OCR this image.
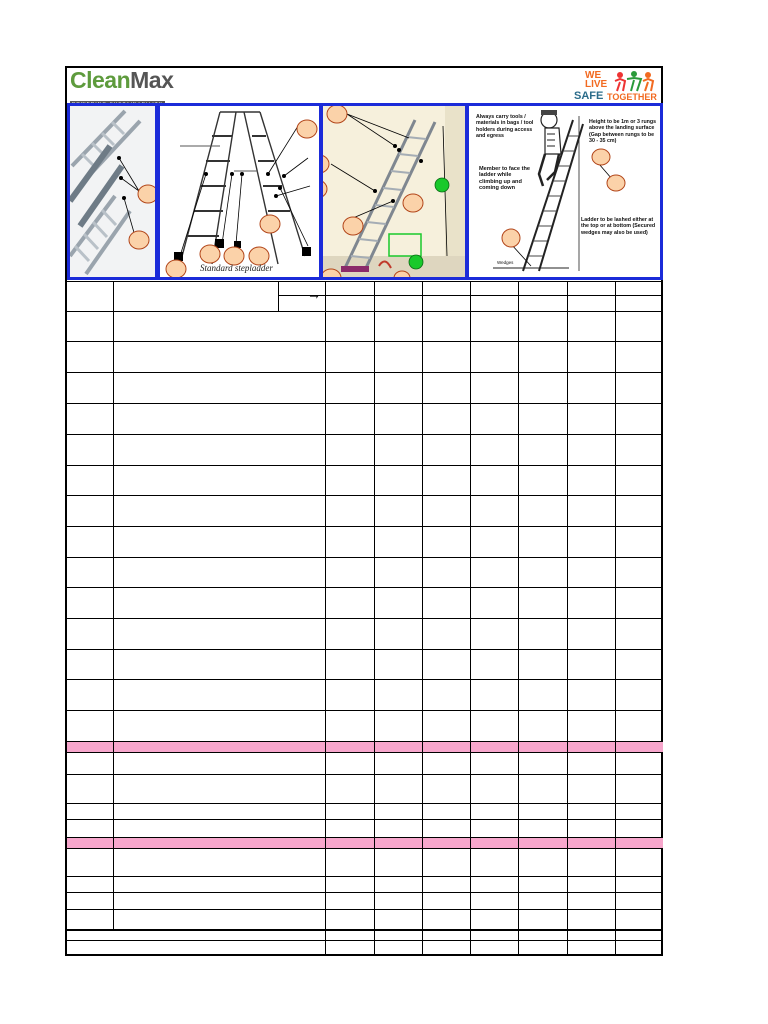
CleanMax	WE
LIVE
SAFE TOGETHER
Standard stepladder
Always carry tools / materials in bags / tool holders during access and egress
Member to face the ladder while climbing up and coming down
Height to be 1m or 3 rungs above the landing surface (Gap between rungs to be 30 - 35 cm)
Ladder to be lashed either at the top or at bottom (Secured wedges may also be used)
Wedges
→
